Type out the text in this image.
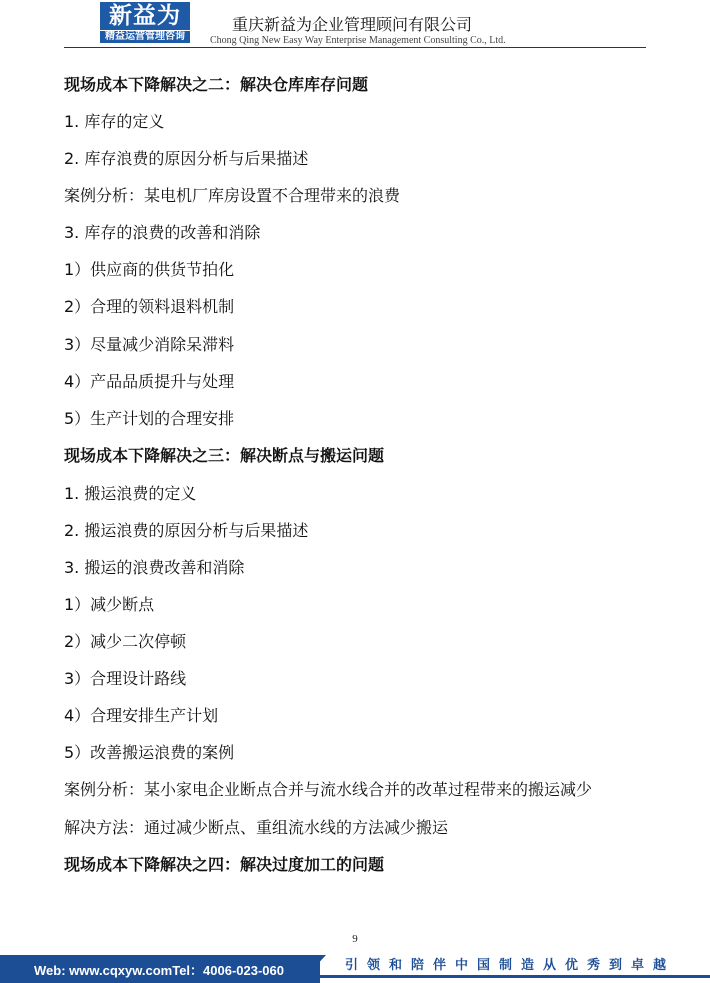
新益为
精益运营管理咨询
重庆新益为企业管理顾问有限公司
Chong Qing New Easy Way Enterprise Management Consulting Co., Ltd.
现场成本下降解决之二：解决仓库库存问题
1. 库存的定义
2. 库存浪费的原因分析与后果描述
案例分析：某电机厂库房设置不合理带来的浪费
3. 库存的浪费的改善和消除
1）供应商的供货节拍化
2）合理的领料退料机制
3）尽量减少消除呆滞料
4）产品品质提升与处理
5）生产计划的合理安排
现场成本下降解决之三：解决断点与搬运问题
1. 搬运浪费的定义
2. 搬运浪费的原因分析与后果描述
3. 搬运的浪费改善和消除
1）减少断点
2）减少二次停顿
3）合理设计路线
4）合理安排生产计划
5）改善搬运浪费的案例
案例分析：某小家电企业断点合并与流水线合并的改革过程带来的搬运减少
解决方法：通过减少断点、重组流水线的方法减少搬运
现场成本下降解决之四：解决过度加工的问题
9
Web: www.cqxyw.comTel：4006-023-060	引领和陪伴中国制造从优秀到卓越
